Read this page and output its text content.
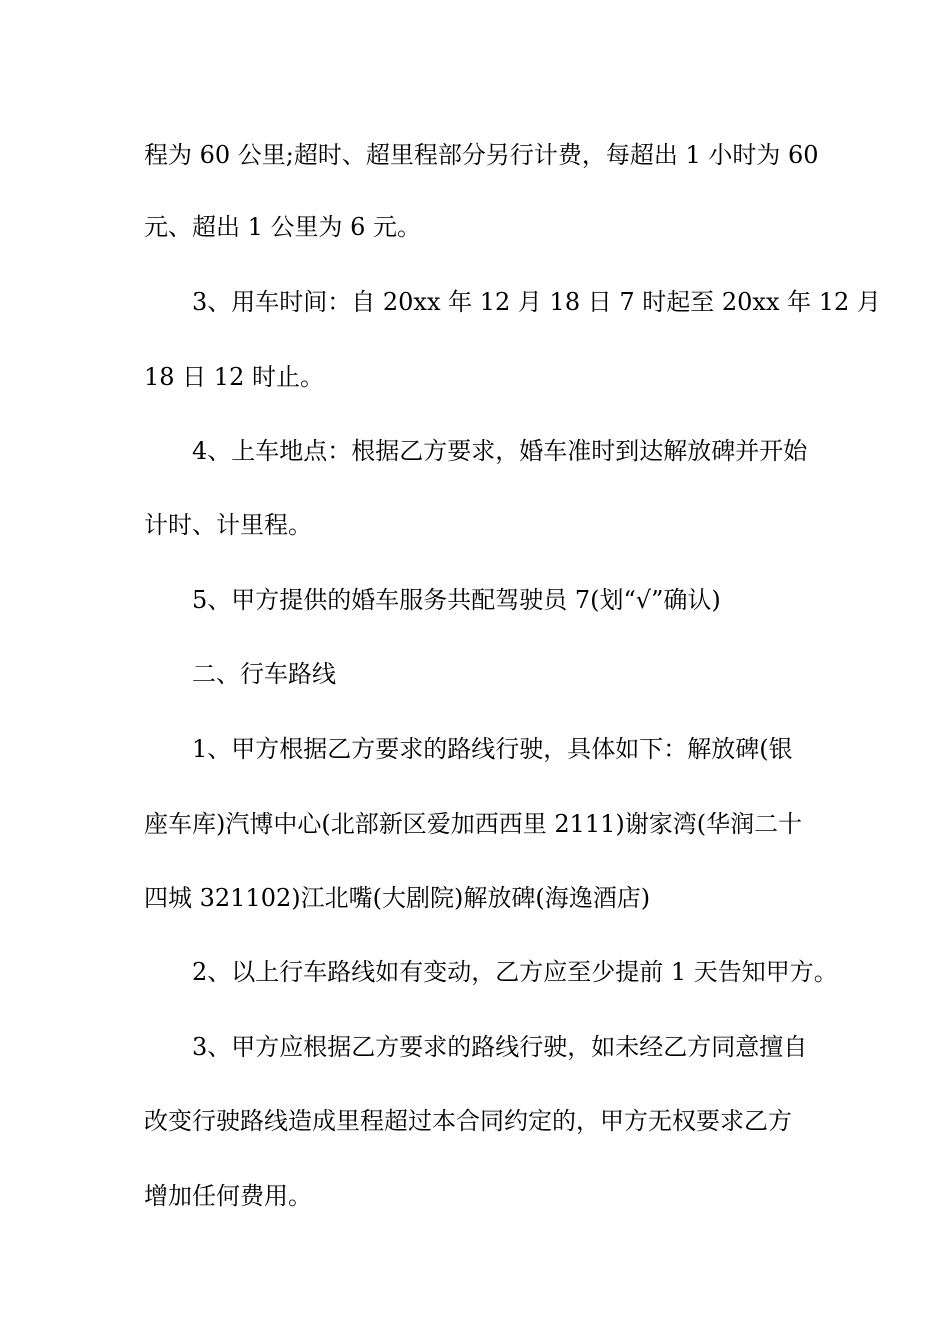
程为 60 公里;超时、超里程部分另行计费，每超出 1 小时为 60
元、超出 1 公里为 6 元。
3、用车时间：自 20xx 年 12 月 18 日 7 时起至 20xx 年 12 月
18 日 12 时止。
4、上车地点：根据乙方要求，婚车准时到达解放碑并开始
计时、计里程。
5、甲方提供的婚车服务共配驾驶员 7(划“√”确认)
二、行车路线
1、甲方根据乙方要求的路线行驶，具体如下：解放碑(银
座车库)汽博中心(北部新区爱加西西里 2111)谢家湾(华润二十
四城 321102)江北嘴(大剧院)解放碑(海逸酒店)
2、以上行车路线如有变动，乙方应至少提前 1 天告知甲方。
3、甲方应根据乙方要求的路线行驶，如未经乙方同意擅自
改变行驶路线造成里程超过本合同约定的，甲方无权要求乙方
增加任何费用。
